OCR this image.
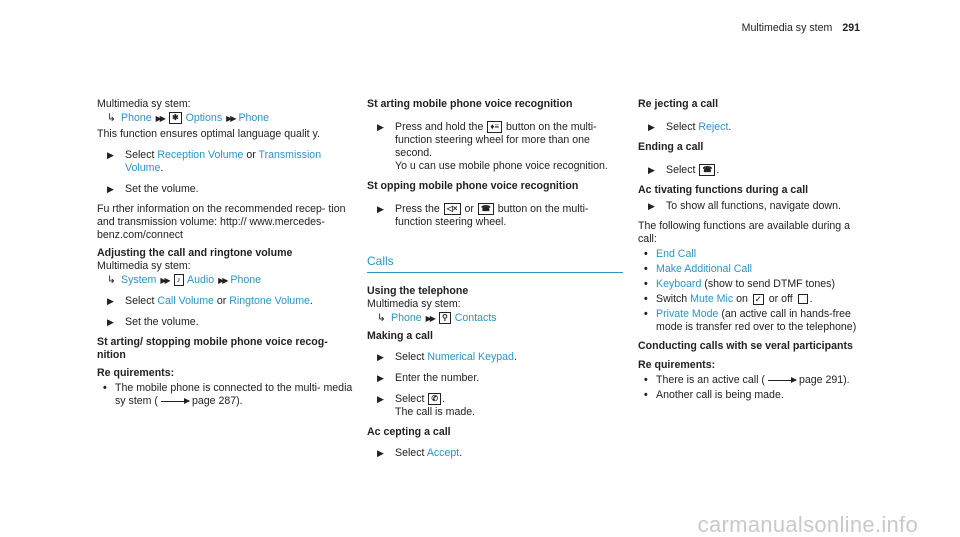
Multimedia sy stem 291

Multimedia sy stem:

↳ Phone ▶▶ ✱ Options ▶▶ Phone

This function ensures optimal language qualit y.

▶ Select Reception Volume or Transmission Volume.
▶ Set the volume.

Fu rther information on the recommended recep‐ tion and transmission volume: http:// www.mercedes-benz.com/connect

Adjusting the call and ringtone volume

Multimedia sy stem:

↳ System ▶▶ ♪ Audio ▶▶ Phone
▶ Select Call Volume or Ringtone Volume.
▶ Set the volume.

St arting/ stopping mobile phone voice recog‐ nition

Re quirements:

• The mobile phone is connected to the multi‐ media sy stem (	page 287).

St arting mobile phone voice recognition

▶ Press and hold the ♦≡ button on the multi‐ function steering wheel for more than one second.
Yo u can use mobile phone voice recognition.

St opping mobile phone voice recognition

▶ Press the ◁× or ☎ button on the multi‐ function steering wheel.
Calls

Using the telephone

Multimedia sy stem:

↳ Phone ▶▶ ⚲ Contacts

Making a call

▶ Select Numerical Keypad.
▶ Enter the number.
▶ Select ✆ .
The call is made.

Ac cepting a call

▶ Select Accept.

Re jecting a call

▶ Select Reject.

Ending a call

▶ Select ☎ .

Ac tivating functions during a call

▶ To show all functions, navigate down.

The following functions are available during a call:

• End Call
• Make Additional Call
• Keyboard (show to send DTMF tones)
• Switch Mute Mic on ✓ or off .
• Private Mode (an active call in hands-free mode is transfer red over to the telephone)

Conducting calls with se veral participants

Re quirements:

• There is an active call (	page 291).
• Another call is being made.
carmanualsonline.info
